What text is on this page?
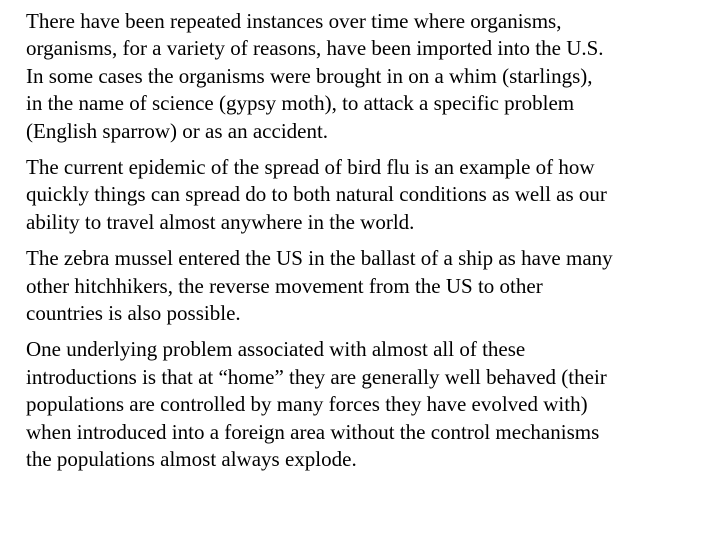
There have been repeated instances over time where organisms,
organisms, for a variety of reasons, have been imported into the U.S.
In some cases the organisms were brought in on a whim (starlings),
in the name of science (gypsy moth), to attack a specific problem
(English sparrow) or as an accident.

The current epidemic of the spread of bird flu is an example of how
quickly things can spread do to both natural conditions as well as our
ability to travel almost anywhere in the world.

The zebra mussel entered the US in the ballast of a ship as have many
other hitchhikers, the reverse movement from the US to other
countries is also possible.

One underlying problem associated with almost all of these
introductions is that at “home” they are generally well behaved (their
populations are controlled by many forces they have evolved with)
when introduced into a foreign area without the control mechanisms
the populations almost always explode.
